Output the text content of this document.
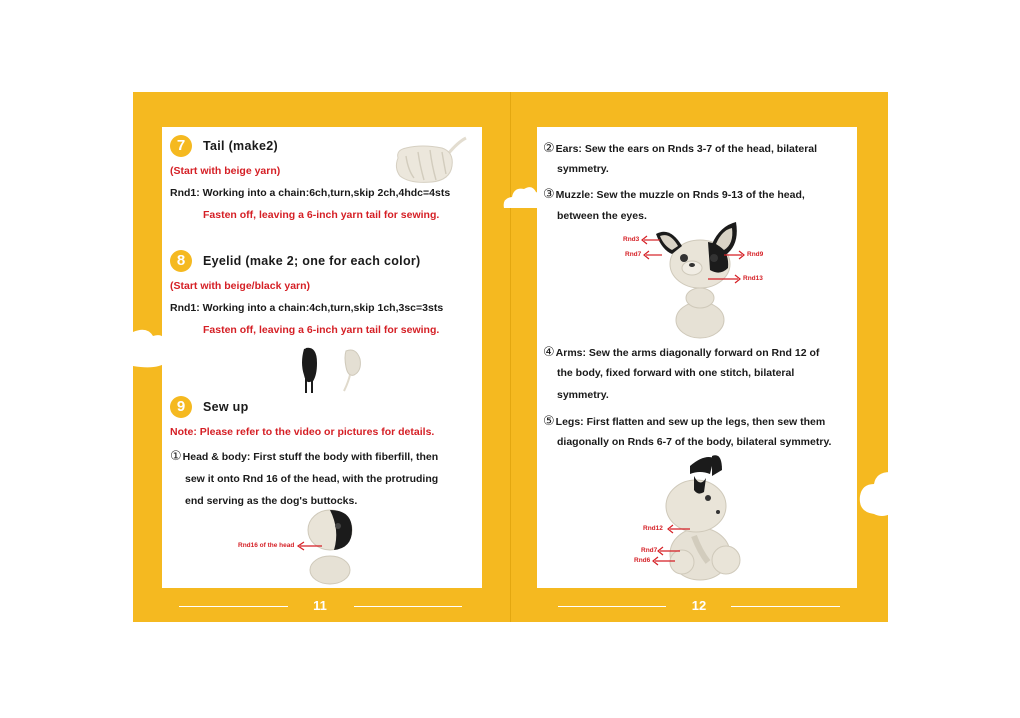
7	Tail (make2)
(Start with beige yarn)
Rnd1: Working into a chain:6ch,turn,skip 2ch,4hdc=4sts
Fasten off, leaving a 6-inch yarn tail for sewing.
8	Eyelid (make 2; one for each color)
(Start with beige/black yarn)
Rnd1: Working into a chain:4ch,turn,skip 1ch,3sc=3sts
Fasten off, leaving a 6-inch yarn tail for sewing.
9	Sew up
Note: Please refer to the video or pictures for details.
①Head & body: First stuff the body with fiberfill, then
sew it onto Rnd 16 of the head, with the protruding
end serving as the dog's buttocks.
Rnd16 of the head
②Ears: Sew the ears on Rnds 3-7 of the head, bilateral
symmetry.
③Muzzle: Sew the muzzle on Rnds 9-13 of the head,
between the eyes.
Rnd3
Rnd7	Rnd9
Rnd13
④Arms: Sew the arms diagonally forward on Rnd 12 of
the body, fixed forward with one stitch, bilateral
symmetry.
⑤Legs: First flatten and sew up the legs, then sew them
diagonally on Rnds 6-7 of the body, bilateral symmetry.
Rnd12
Rnd7
Rnd6
11	12
